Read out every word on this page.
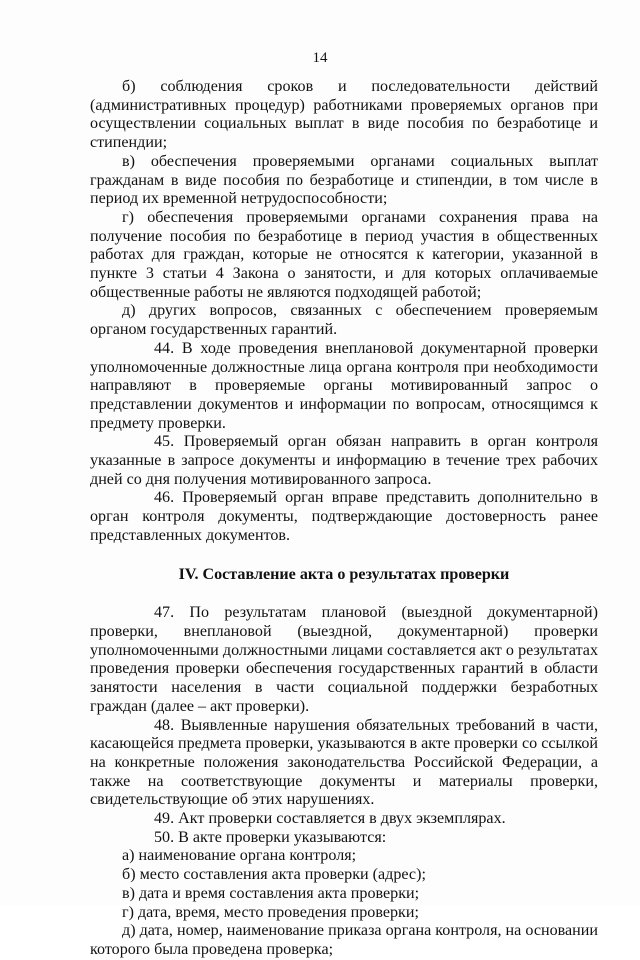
14

б) соблюдения сроков и последовательности действий (административных процедур) работниками проверяемых органов при осуществлении социальных выплат в виде пособия по безработице и стипендии;

в) обеспечения проверяемыми органами социальных выплат гражданам в виде пособия по безработице и стипендии, в том числе в период их временной нетрудоспособности;

г) обеспечения проверяемыми органами сохранения права на получение пособия по безработице в период участия в общественных работах для граждан, которые не относятся к категории, указанной в пункте 3 статьи 4 Закона о занятости, и для которых оплачиваемые общественные работы не являются подходящей работой;

д) других вопросов, связанных с обеспечением проверяемым органом государственных гарантий.

44. В ходе проведения внеплановой документарной проверки уполномоченные должностные лица органа контроля при необходимости направляют в проверяемые органы мотивированный запрос о представлении документов и информации по вопросам, относящимся к предмету проверки.

45. Проверяемый орган обязан направить в орган контроля указанные в запросе документы и информацию в течение трех рабочих дней со дня получения мотивированного запроса.

46. Проверяемый орган вправе представить дополнительно в орган контроля документы, подтверждающие достоверность ранее представленных документов.

IV. Составление акта о результатах проверки

47. По результатам плановой (выездной документарной) проверки, внеплановой (выездной, документарной) проверки уполномоченными должностными лицами составляется акт о результатах проведения проверки обеспечения государственных гарантий в области занятости населения в части социальной поддержки безработных граждан (далее – акт проверки).

48. Выявленные нарушения обязательных требований в части, касающейся предмета проверки, указываются в акте проверки со ссылкой на конкретные положения законодательства Российской Федерации, а также на соответствующие документы и материалы проверки, свидетельствующие об этих нарушениях.

49. Акт проверки составляется в двух экземплярах.

50. В акте проверки указываются:

а) наименование органа контроля;

б) место составления акта проверки (адрес);

в) дата и время составления акта проверки;

г) дата, время, место проведения проверки;

д) дата, номер, наименование приказа органа контроля, на основании которого была проведена проверка;
